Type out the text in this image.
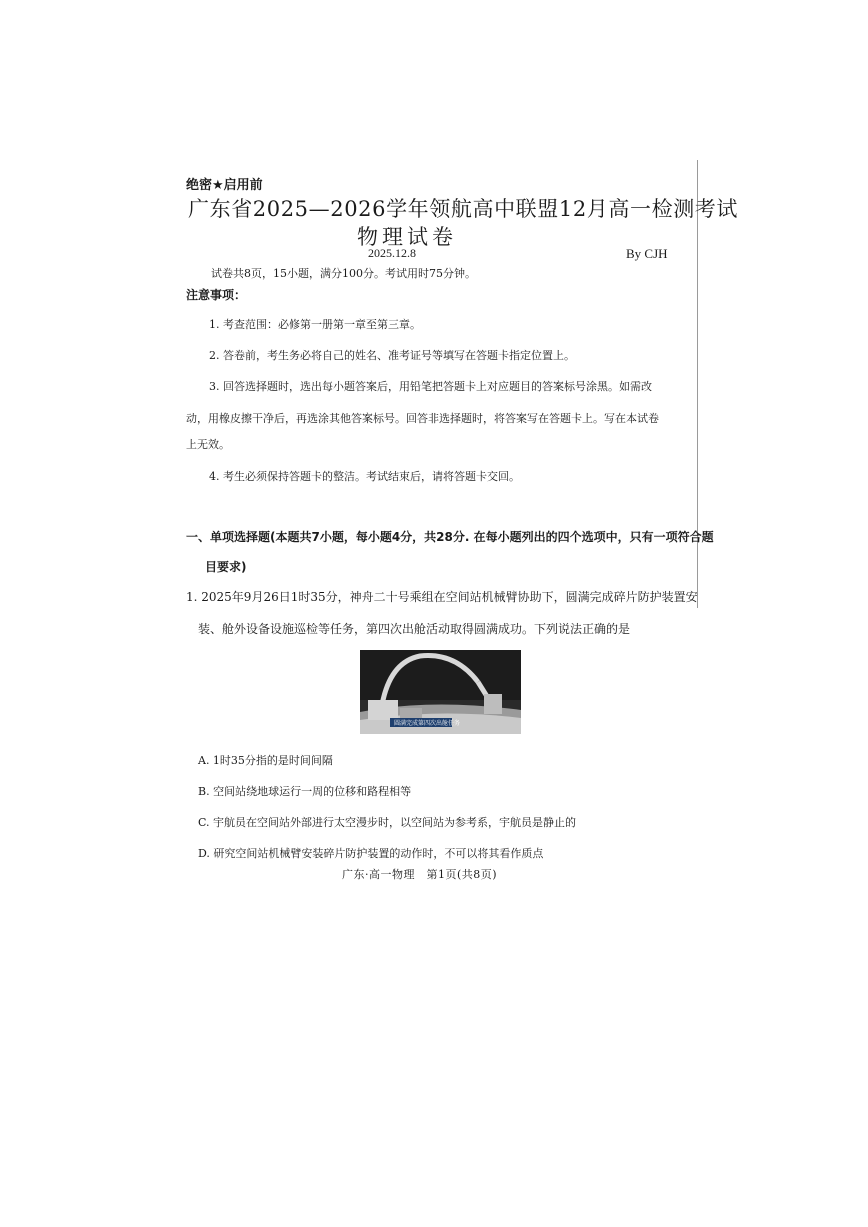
绝密★启用前
广东省2025—2026学年领航高中联盟12月高一检测考试
物理试卷
2025.12.8	By CJH
试卷共8页，15小题，满分100分。考试用时75分钟。
注意事项：
1. 考查范围：必修第一册第一章至第三章。
2. 答卷前，考生务必将自己的姓名、准考证号等填写在答题卡指定位置上。
3. 回答选择题时，选出每小题答案后，用铅笔把答题卡上对应题目的答案标号涂黑。如需改
动，用橡皮擦干净后，再选涂其他答案标号。回答非选择题时，将答案写在答题卡上。写在本试卷
上无效。
4. 考生必须保持答题卡的整洁。考试结束后，请将答题卡交回。
一、单项选择题(本题共7小题，每小题4分，共28分. 在每小题列出的四个选项中，只有一项符合题
目要求)
1. 2025年9月26日1时35分，神舟二十号乘组在空间站机械臂协助下，圆满完成碎片防护装置安
装、舱外设备设施巡检等任务，第四次出舱活动取得圆满成功。下列说法正确的是
圆满完成第四次出舱任务
A. 1时35分指的是时间间隔
B. 空间站绕地球运行一周的位移和路程相等
C. 宇航员在空间站外部进行太空漫步时，以空间站为参考系，宇航员是静止的
D. 研究空间站机械臂安装碎片防护装置的动作时，不可以将其看作质点
广东·高一物理　第1页(共8页)
